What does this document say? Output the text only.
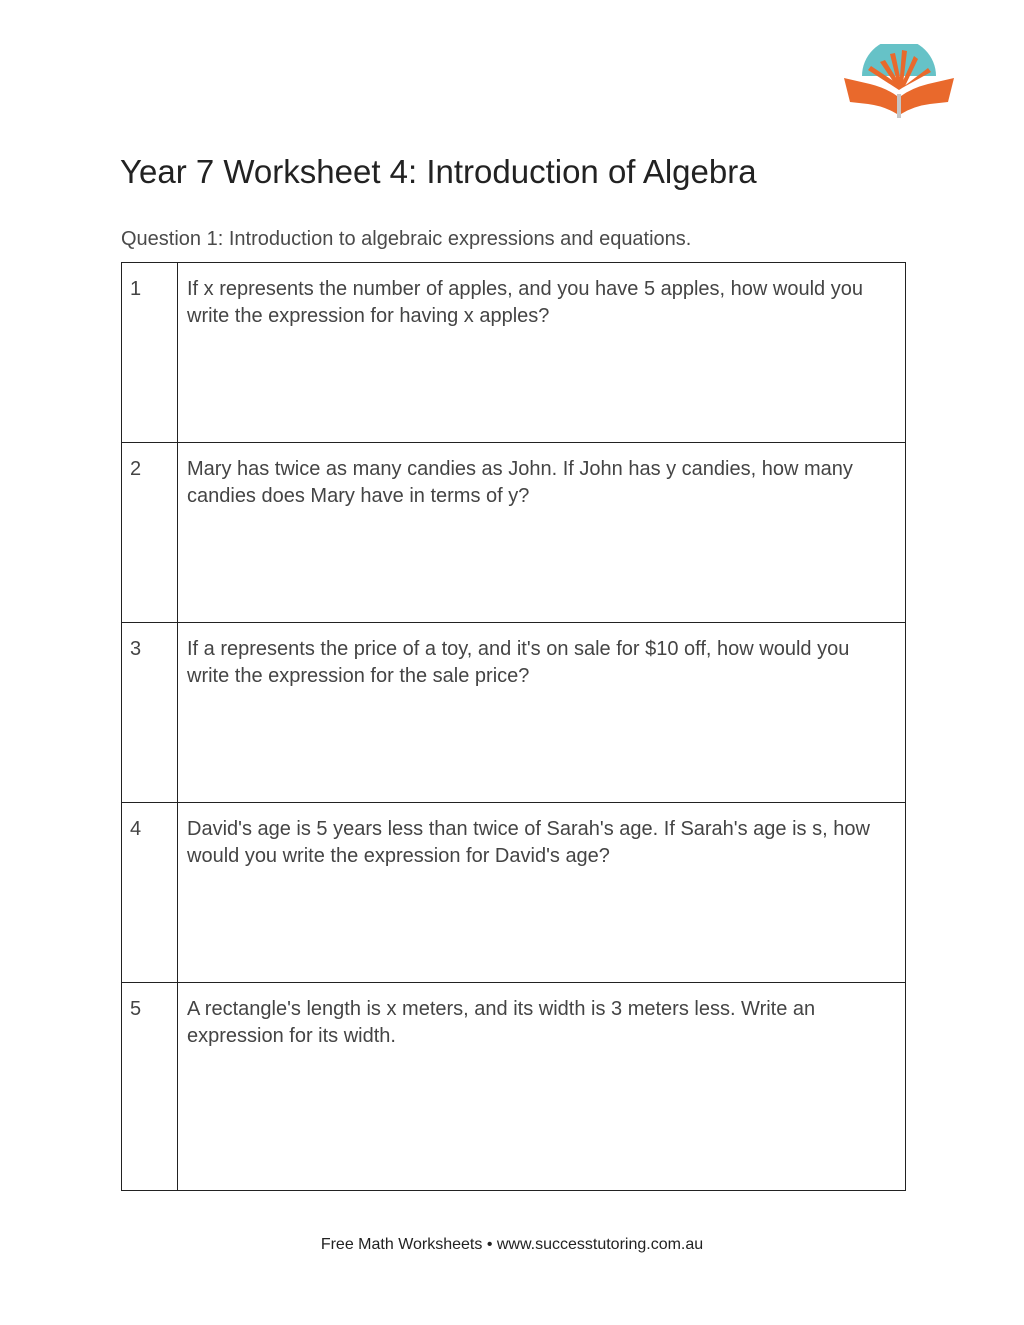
Year 7 Worksheet 4: Introduction of Algebra

Question 1: Introduction to algebraic expressions and equations.

1	If x represents the number of apples, and you have 5 apples, how would you write the expression for having x apples?
2	Mary has twice as many candies as John. If John has y candies, how many candies does Mary have in terms of y?
3	If a represents the price of a toy, and it's on sale for $10 off, how would you write the expression for the sale price?
4	David's age is 5 years less than twice of Sarah's age. If Sarah's age is s, how would you write the expression for David's age?
5	A rectangle's length is x meters, and its width is 3 meters less. Write an expression for its width.
Free Math Worksheets • www.successtutoring.com.au
